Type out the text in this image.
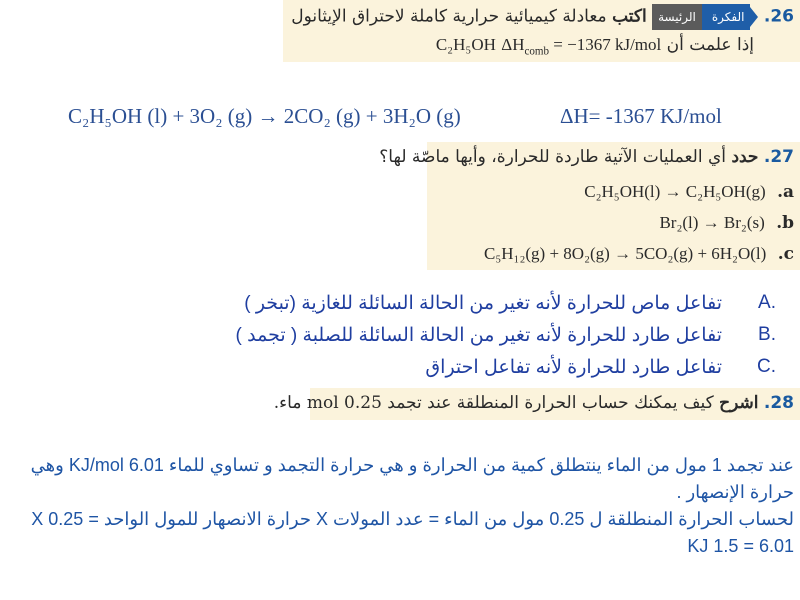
26.
الرئيسة	الفكرة
اكتب معادلة كيميائية حرارية كاملة لاحتراق الإيثانول
إذا علمت أن $\Delta H_{comb} = -1367$ kJ/mol C₂H₅OH
C₂H₅OH (l) + 3O₂ (g) → 2CO₂ (g) + 3H₂O (g)	ΔH= -1367 KJ/mol
27. حدد أي العمليات الآتية طاردة للحرارة، وأيها ماصّة لها؟
C₂H₅OH(l) → C₂H₅OH(g) .a
Br₂(l) → Br₂(s) .b
C₅H₁₂(g) + 8O₂(g) → 5CO₂(g) + 6H₂O(l) .c
A.
تفاعل ماص للحرارة لأنه تغير من الحالة السائلة للغازية (تبخر )
B.
تفاعل طارد للحرارة لأنه تغير من الحالة السائلة للصلبة ( تجمد )
C.
تفاعل طارد للحرارة لأنه تفاعل احتراق
28. اشرح كيف يمكنك حساب الحرارة المنطلقة عند تجمد 0.25 mol ماء.
عند تجمد 1 مول من الماء ينتطلق كمية من الحرارة و هي حرارة التجمد و تساوي للماء 6.01 KJ/mol وهي
حرارة الإنصهار .
لحساب الحرارة المنطلقة ل 0.25 مول من الماء = عدد المولات X حرارة الانصهار للمول الواحد = 0.25 X
6.01 = 1.5 KJ
